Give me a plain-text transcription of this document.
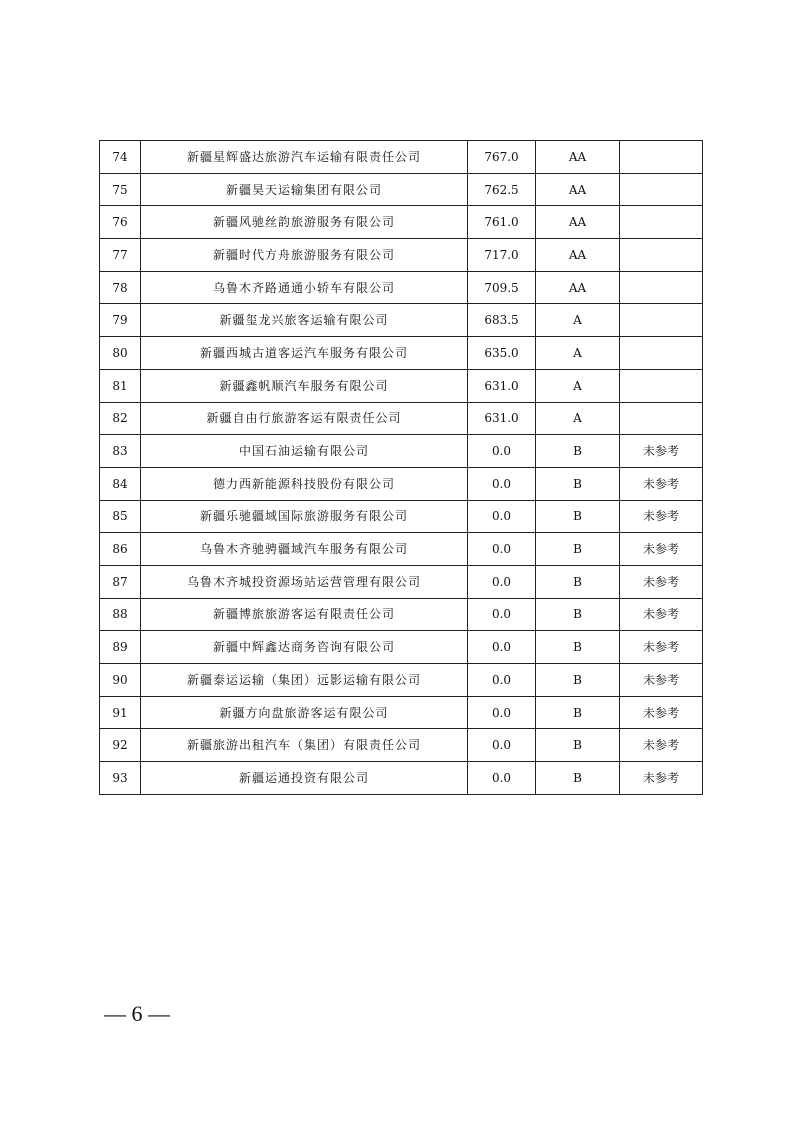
74	新疆星辉盛达旅游汽车运输有限责任公司	767.0	AA	
75	新疆昊天运输集团有限公司	762.5	AA	
76	新疆风驰丝韵旅游服务有限公司	761.0	AA	
77	新疆时代方舟旅游服务有限公司	717.0	AA	
78	乌鲁木齐路通通小轿车有限公司	709.5	AA	
79	新疆玺龙兴旅客运输有限公司	683.5	A	
80	新疆西城古道客运汽车服务有限公司	635.0	A	
81	新疆鑫帆顺汽车服务有限公司	631.0	A	
82	新疆自由行旅游客运有限责任公司	631.0	A	
83	中国石油运输有限公司	0.0	B	未参考
84	德力西新能源科技股份有限公司	0.0	B	未参考
85	新疆乐驰疆域国际旅游服务有限公司	0.0	B	未参考
86	乌鲁木齐驰骋疆域汽车服务有限公司	0.0	B	未参考
87	乌鲁木齐城投资源场站运营管理有限公司	0.0	B	未参考
88	新疆博旅旅游客运有限责任公司	0.0	B	未参考
89	新疆中辉鑫达商务咨询有限公司	0.0	B	未参考
90	新疆泰运运输（集团）远影运输有限公司	0.0	B	未参考
91	新疆方向盘旅游客运有限公司	0.0	B	未参考
92	新疆旅游出租汽车（集团）有限责任公司	0.0	B	未参考
93	新疆运通投资有限公司	0.0	B	未参考
— 6 —
